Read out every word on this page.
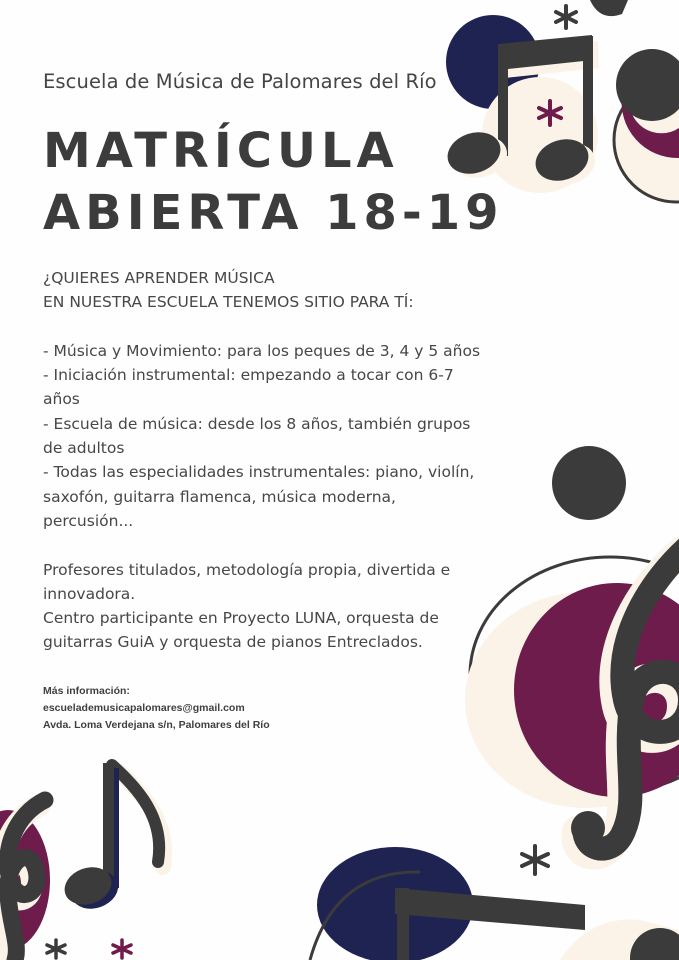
Escuela de Música de Palomares del Río
MATRÍCULA
ABIERTA 18-19

¿QUIERES APRENDER MÚSICA

EN NUESTRA ESCUELA TENEMOS SITIO PARA TÍ:

- Música y Movimiento: para los peques de 3, 4 y 5 años

- Iniciación instrumental: empezando a tocar con 6-7 años

- Escuela de música: desde los 8 años, también grupos de adultos

- Todas las especialidades instrumentales: piano, violín, saxofón, guitarra flamenca, música moderna, percusión...

Profesores titulados, metodología propia, divertida e innovadora.

Centro participante en Proyecto LUNA, orquesta de guitarras GuiA y orquesta de pianos Entreclados.

Más información:
escuelademusicapalomares@gmail.com
Avda. Loma Verdejana s/n, Palomares del Río
